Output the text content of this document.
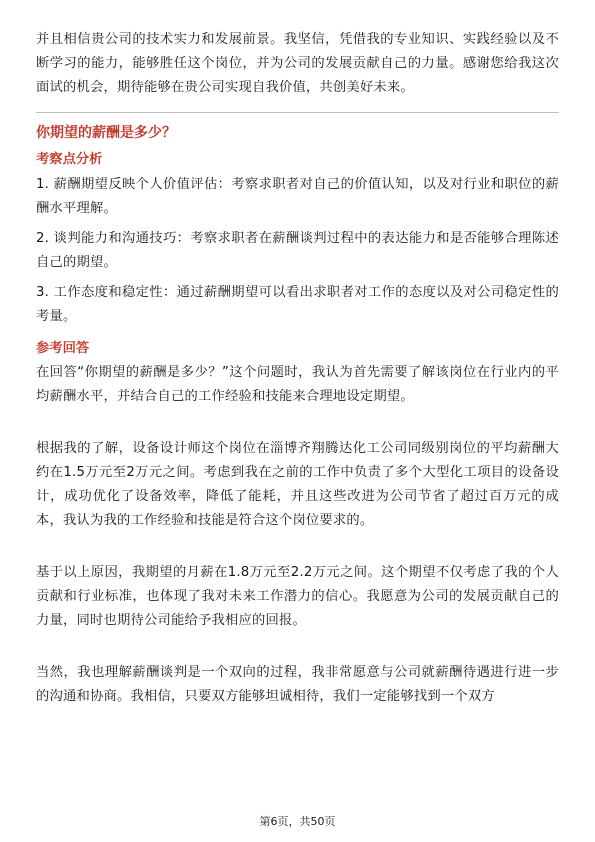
并且相信贵公司的技术实力和发展前景。我坚信，凭借我的专业知识、实践经验以及不断学习的能力，能够胜任这个岗位，并为公司的发展贡献自己的力量。感谢您给我这次面试的机会，期待能够在贵公司实现自我价值，共创美好未来。

你期望的薪酬是多少？
考察点分析

1. 薪酬期望反映个人价值评估：考察求职者对自己的价值认知，以及对行业和职位的薪酬水平理解。

2. 谈判能力和沟通技巧：考察求职者在薪酬谈判过程中的表达能力和是否能够合理陈述自己的期望。

3. 工作态度和稳定性：通过薪酬期望可以看出求职者对工作的态度以及对公司稳定性的考量。

参考回答

在回答“你期望的薪酬是多少？”这个问题时，我认为首先需要了解该岗位在行业内的平均薪酬水平，并结合自己的工作经验和技能来合理地设定期望。

根据我的了解，设备设计师这个岗位在淄博齐翔腾达化工公司同级别岗位的平均薪酬大约在1.5万元至2万元之间。考虑到我在之前的工作中负责了多个大型化工项目的设备设计，成功优化了设备效率，降低了能耗，并且这些改进为公司节省了超过百万元的成本，我认为我的工作经验和技能是符合这个岗位要求的。

基于以上原因，我期望的月薪在1.8万元至2.2万元之间。这个期望不仅考虑了我的个人贡献和行业标准，也体现了我对未来工作潜力的信心。我愿意为公司的发展贡献自己的力量，同时也期待公司能给予我相应的回报。

当然，我也理解薪酬谈判是一个双向的过程，我非常愿意与公司就薪酬待遇进行进一步的沟通和协商。我相信，只要双方能够坦诚相待，我们一定能够找到一个双方

第6页，共50页
